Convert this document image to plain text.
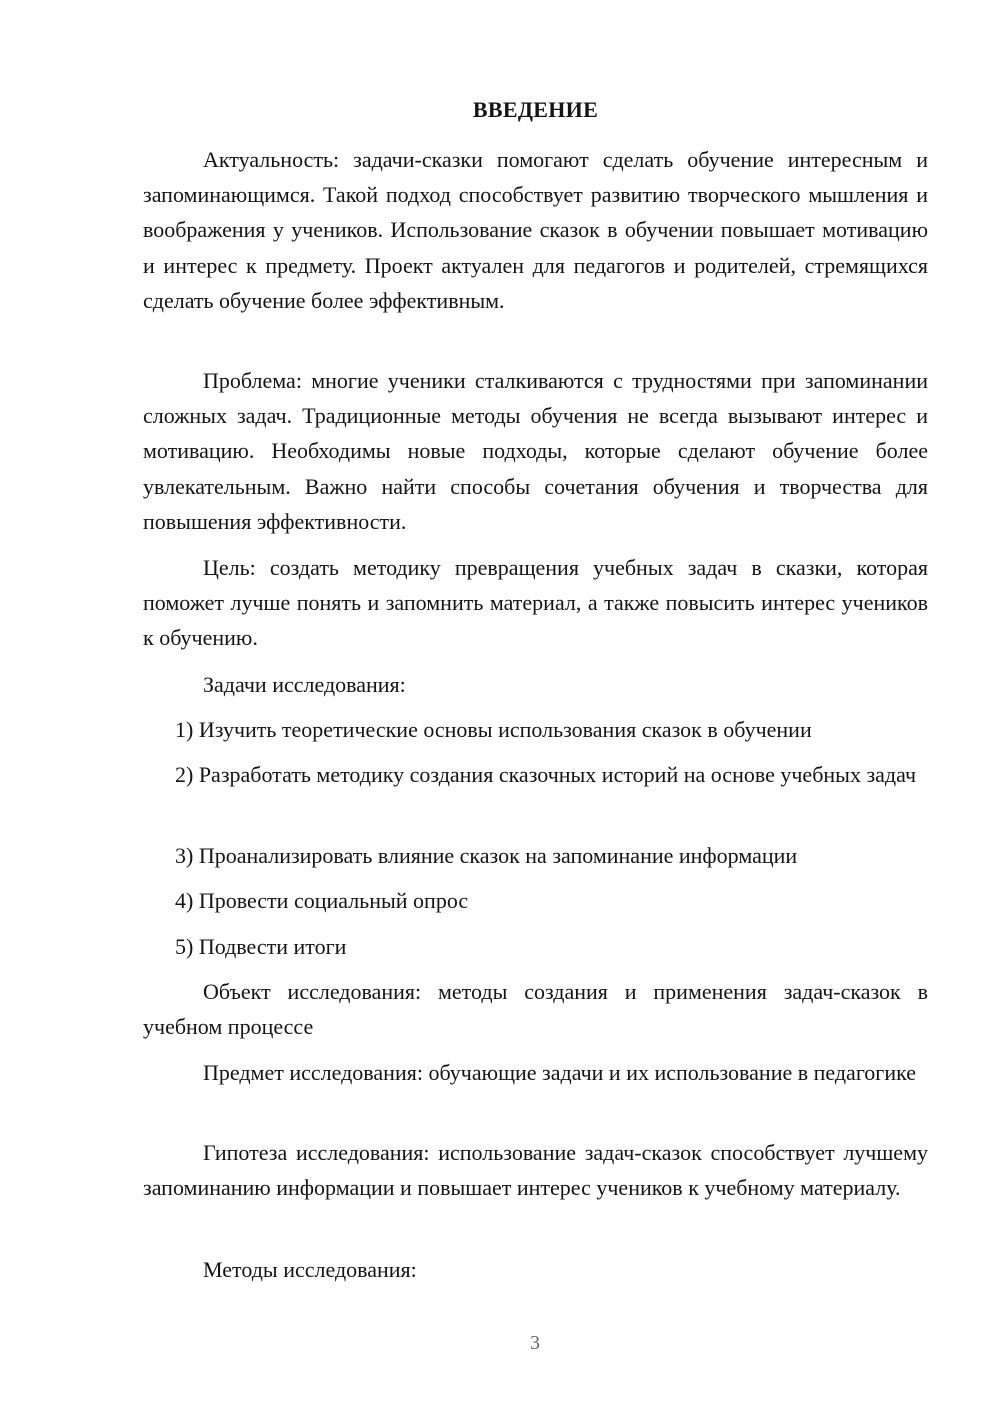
ВВЕДЕНИЕ

Актуальность: задачи-сказки помогают сделать обучение интересным и запоминающимся. Такой подход способствует развитию творческого мышления и воображения у учеников. Использование сказок в обучении повышает мотивацию и интерес к предмету. Проект актуален для педагогов и родителей, стремящихся сделать обучение более эффективным.

Проблема: многие ученики сталкиваются с трудностями при запоминании сложных задач. Традиционные методы обучения не всегда вызывают интерес и мотивацию. Необходимы новые подходы, которые сделают обучение более увлекательным. Важно найти способы сочетания обучения и творчества для повышения эффективности.

Цель: создать методику превращения учебных задач в сказки, которая поможет лучше понять и запомнить материал, а также повысить интерес учеников к обучению.

Задачи исследования:

1) Изучить теоретические основы использования сказок в обучении

2) Разработать методику создания сказочных историй на основе учебных задач

3) Проанализировать влияние сказок на запоминание информации

4) Провести социальный опрос

5) Подвести итоги

Объект исследования: методы создания и применения задач-сказок в учебном процессе

Предмет исследования: обучающие задачи и их использование в педагогике

Гипотеза исследования: использование задач-сказок способствует лучшему запоминанию информации и повышает интерес учеников к учебному материалу.

Методы исследования:

3
